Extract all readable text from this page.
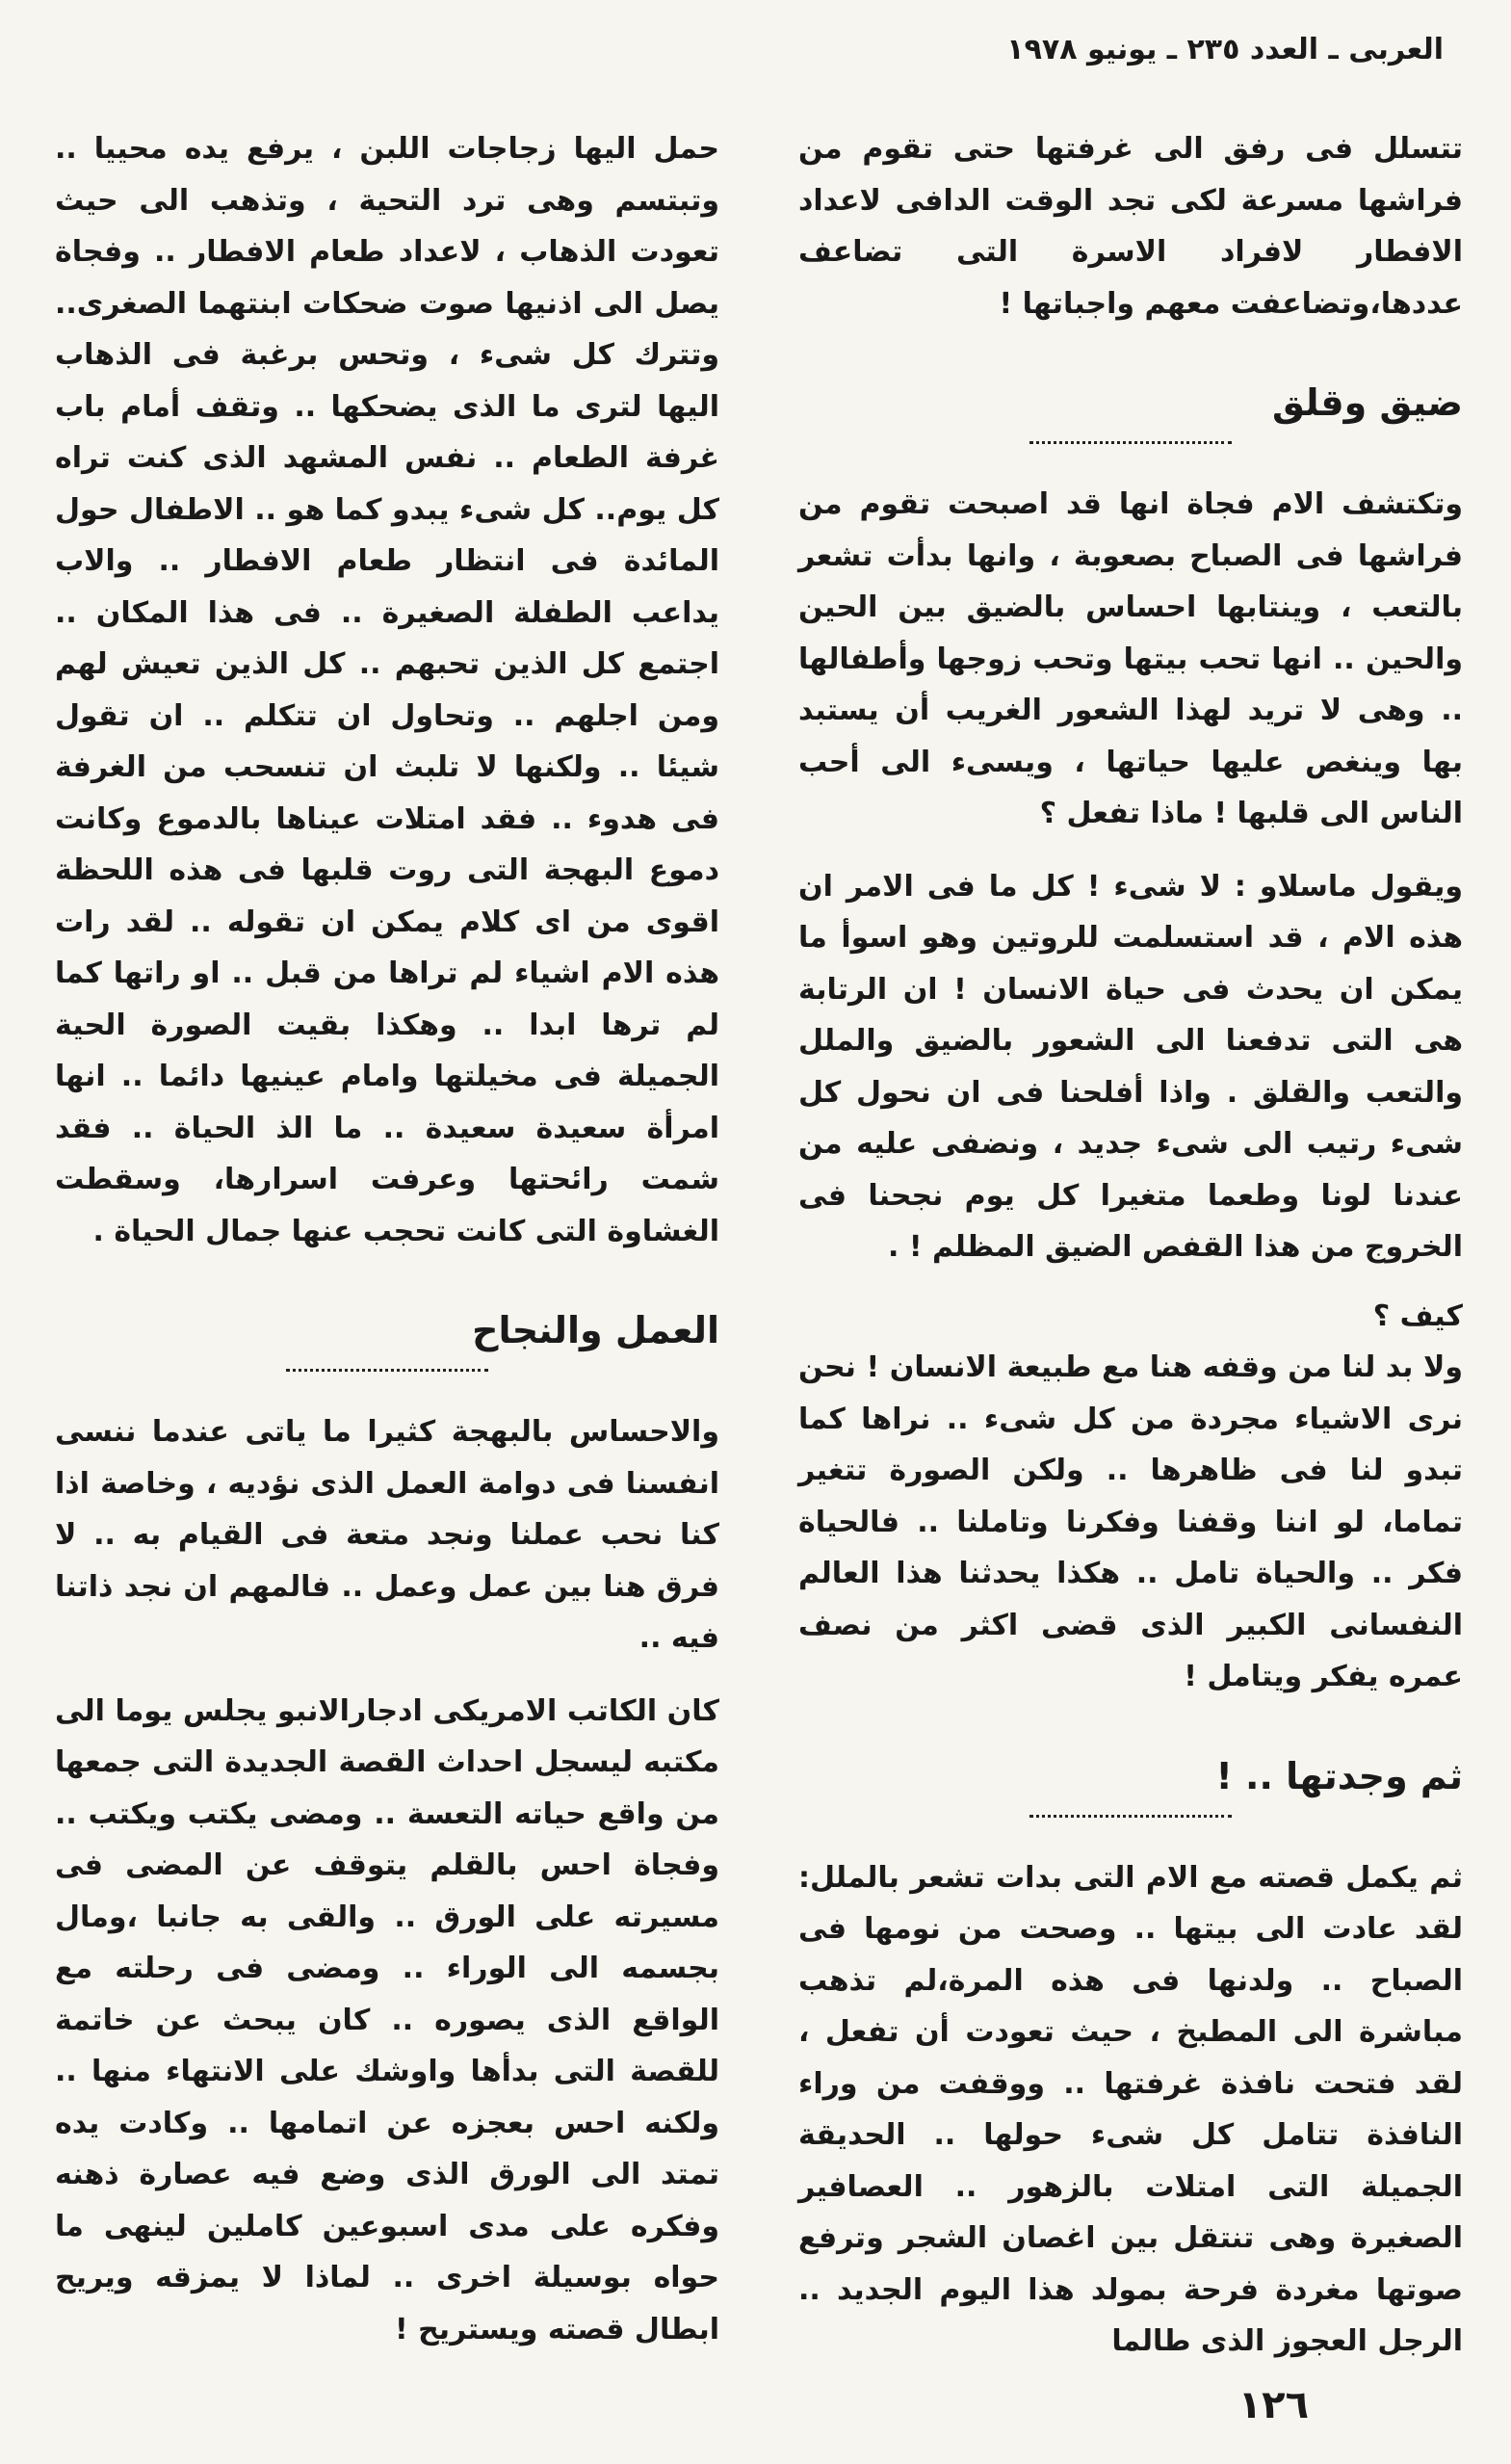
العربى ـ العدد ٢٣٥ ـ يونيو ١٩٧٨

تتسلل فى رفق الى غرفتها حتى تقوم من فراشها مسرعة لكى تجد الوقت الدافى لاعداد الافطار لافراد الاسرة التى تضاعف عددها،وتضاعفت معهم واجباتها !

ضيق وقلق

وتكتشف الام فجاة انها قد اصبحت تقوم من فراشها فى الصباح بصعوبة ، وانها بدأت تشعر بالتعب ، وينتابها احساس بالضيق بين الحين والحين .. انها تحب بيتها وتحب زوجها وأطفالها .. وهى لا تريد لهذا الشعور الغريب أن يستبد بها وينغص عليها حياتها ، ويسىء الى أحب الناس الى قلبها ! ماذا تفعل ؟

ويقول ماسلاو : لا شىء ! كل ما فى الامر ان هذه الام ، قد استسلمت للروتين وهو اسوأ ما يمكن ان يحدث فى حياة الانسان ! ان الرتابة هى التى تدفعنا الى الشعور بالضيق والملل والتعب والقلق . واذا أفلحنا فى ان نحول كل شىء رتيب الى شىء جديد ، ونضفى عليه من عندنا لونا وطعما متغيرا كل يوم نجحنا فى الخروج من هذا القفص الضيق المظلم ! .

كيف ؟

ولا بد لنا من وقفه هنا مع طبيعة الانسان ! نحن نرى الاشياء مجردة من كل شىء .. نراها كما تبدو لنا فى ظاهرها .. ولكن الصورة تتغير تماما، لو اننا وقفنا وفكرنا وتاملنا .. فالحياة فكر .. والحياة تامل .. هكذا يحدثنا هذا العالم النفسانى الكبير الذى قضى اكثر من نصف عمره يفكر ويتامل !

ثم وجدتها .. !

ثم يكمل قصته مع الام التى بدات تشعر بالملل: لقد عادت الى بيتها .. وصحت من نومها فى الصباح .. ولدنها فى هذه المرة،لم تذهب مباشرة الى المطبخ ، حيث تعودت أن تفعل ، لقد فتحت نافذة غرفتها .. ووقفت من وراء النافذة تتامل كل شىء حولها .. الحديقة الجميلة التى امتلات بالزهور .. العصافير الصغيرة وهى تنتقل بين اغصان الشجر وترفع صوتها مغردة فرحة بمولد هذا اليوم الجديد .. الرجل العجوز الذى طالما

حمل اليها زجاجات اللبن ، يرفع يده محييا .. وتبتسم وهى ترد التحية ، وتذهب الى حيث تعودت الذهاب ، لاعداد طعام الافطار .. وفجاة يصل الى اذنيها صوت ضحكات ابنتهما الصغرى.. وتترك كل شىء ، وتحس برغبة فى الذهاب اليها لترى ما الذى يضحكها .. وتقف أمام باب غرفة الطعام .. نفس المشهد الذى كنت تراه كل يوم.. كل شىء يبدو كما هو .. الاطفال حول المائدة فى انتظار طعام الافطار .. والاب يداعب الطفلة الصغيرة .. فى هذا المكان .. اجتمع كل الذين تحبهم .. كل الذين تعيش لهم ومن اجلهم .. وتحاول ان تتكلم .. ان تقول شيئا .. ولكنها لا تلبث ان تنسحب من الغرفة فى هدوء .. فقد امتلات عيناها بالدموع وكانت دموع البهجة التى روت قلبها فى هذه اللحظة اقوى من اى كلام يمكن ان تقوله .. لقد رات هذه الام اشياء لم تراها من قبل .. او راتها كما لم ترها ابدا .. وهكذا بقيت الصورة الحية الجميلة فى مخيلتها وامام عينيها دائما .. انها امرأة سعيدة سعيدة .. ما الذ الحياة .. فقد شمت رائحتها وعرفت اسرارها، وسقطت الغشاوة التى كانت تحجب عنها جمال الحياة .

العمل والنجاح

والاحساس بالبهجة كثيرا ما ياتى عندما ننسى انفسنا فى دوامة العمل الذى نؤديه ، وخاصة اذا كنا نحب عملنا ونجد متعة فى القيام به .. لا فرق هنا بين عمل وعمل .. فالمهم ان نجد ذاتنا فيه ..

كان الكاتب الامريكى ادجارالانبو يجلس يوما الى مكتبه ليسجل احداث القصة الجديدة التى جمعها من واقع حياته التعسة .. ومضى يكتب ويكتب .. وفجاة احس بالقلم يتوقف عن المضى فى مسيرته على الورق .. والقى به جانبا ،ومال بجسمه الى الوراء .. ومضى فى رحلته مع الواقع الذى يصوره .. كان يبحث عن خاتمة للقصة التى بدأها واوشك على الانتهاء منها .. ولكنه احس بعجزه عن اتمامها .. وكادت يده تمتد الى الورق الذى وضع فيه عصارة ذهنه وفكره على مدى اسبوعين كاملين لينهى ما حواه بوسيلة اخرى .. لماذا لا يمزقه ويريح ابطال قصته ويستريح !

١٢٦
